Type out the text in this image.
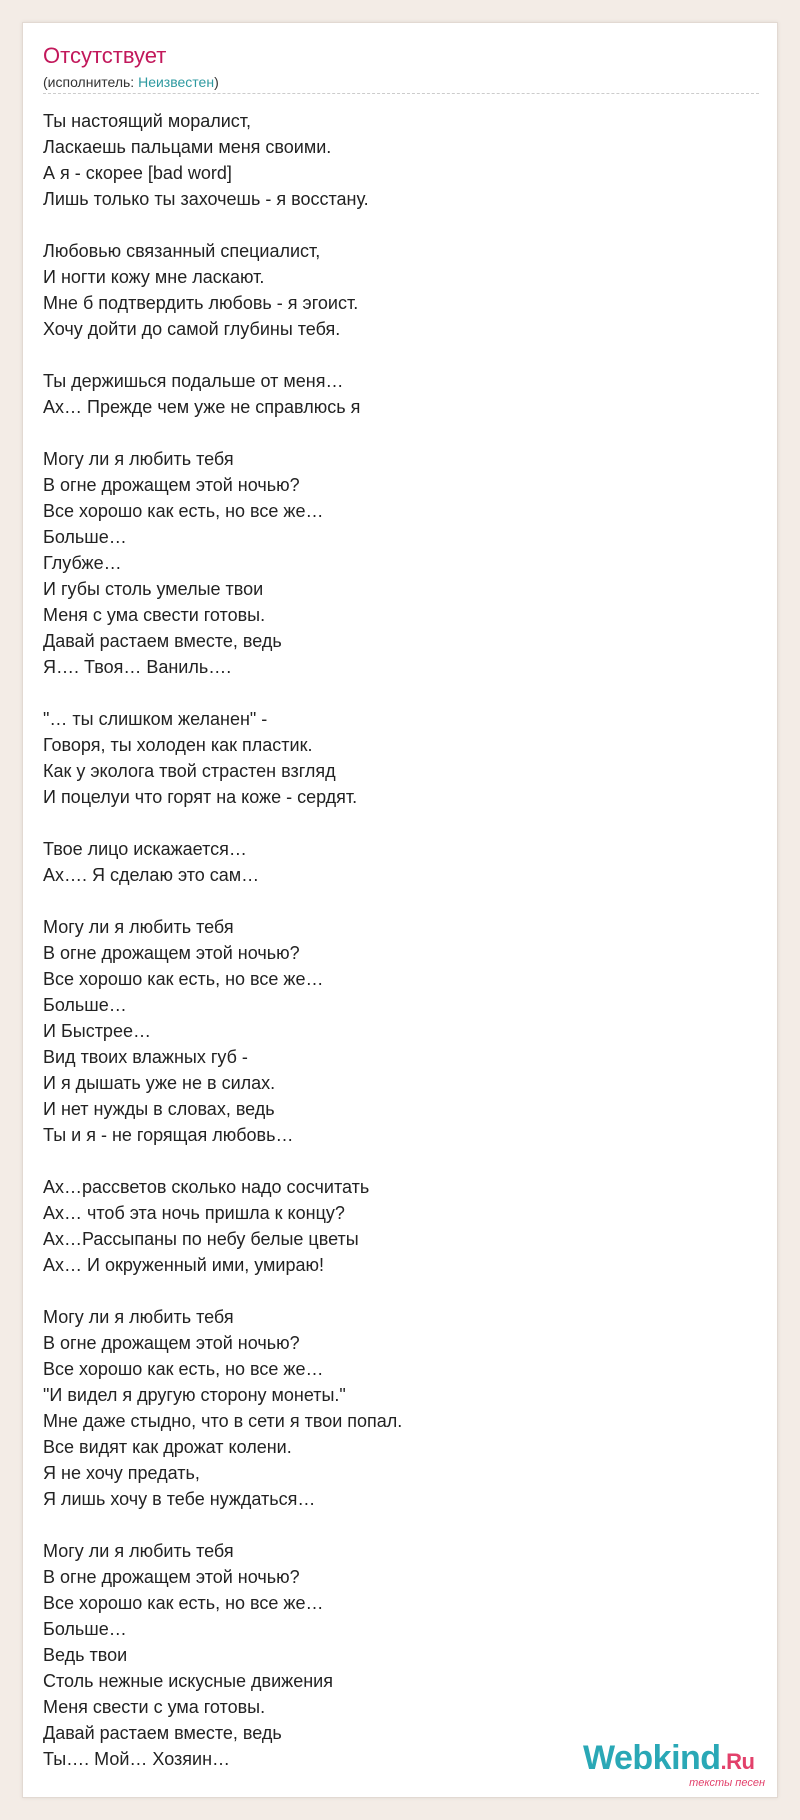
Отсутствует
(исполнитель: Неизвестен)
Ты настоящий моралист,
Ласкаешь пальцами меня своими.
А я - скорее [bad word]
Лишь только ты захочешь - я восстану.
Любовью связанный специалист,
И ногти кожу мне ласкают.
Мне б подтвердить любовь - я эгоист.
Хочу дойти до самой глубины тебя.
Ты держишься подальше от меня…
Ах… Прежде чем уже не справлюсь я
Могу ли я любить тебя
В огне дрожащем этой ночью?
Все хорошо как есть, но все же…
Больше…
Глубже…
И губы столь умелые твои
Меня с ума свести готовы.
Давай растаем вместе, ведь
Я…. Твоя… Ваниль….
"… ты слишком желанен" -
Говоря, ты холоден как пластик.
Как у эколога твой страстен взгляд
И поцелуи что горят на коже - сердят.
Твое лицо искажается…
Ах…. Я сделаю это сам…
Могу ли я любить тебя
В огне дрожащем этой ночью?
Все хорошо как есть, но все же…
Больше…
И Быстрее…
Вид твоих влажных губ -
И я дышать уже не в силах.
И нет нужды в словах, ведь
Ты и я - не горящая любовь…
Ах…рассветов сколько надо сосчитать
Ах… чтоб эта ночь пришла к концу?
Ах…Рассыпаны по небу белые цветы
Ах… И окруженный ими, умираю!
Могу ли я любить тебя
В огне дрожащем этой ночью?
Все хорошо как есть, но все же…
"И видел я другую сторону монеты."
Мне даже стыдно, что в сети я твои попал.
Все видят как дрожат колени.
Я не хочу предать,
Я лишь хочу в тебе нуждаться…
Могу ли я любить тебя
В огне дрожащем этой ночью?
Все хорошо как есть, но все же…
Больше…
Ведь твои
Столь нежные искусные движения
Меня свести с ума готовы.
Давай растаем вместе, ведь
Ты…. Мой… Хозяин…	Webkind.Ru
тексты песен
